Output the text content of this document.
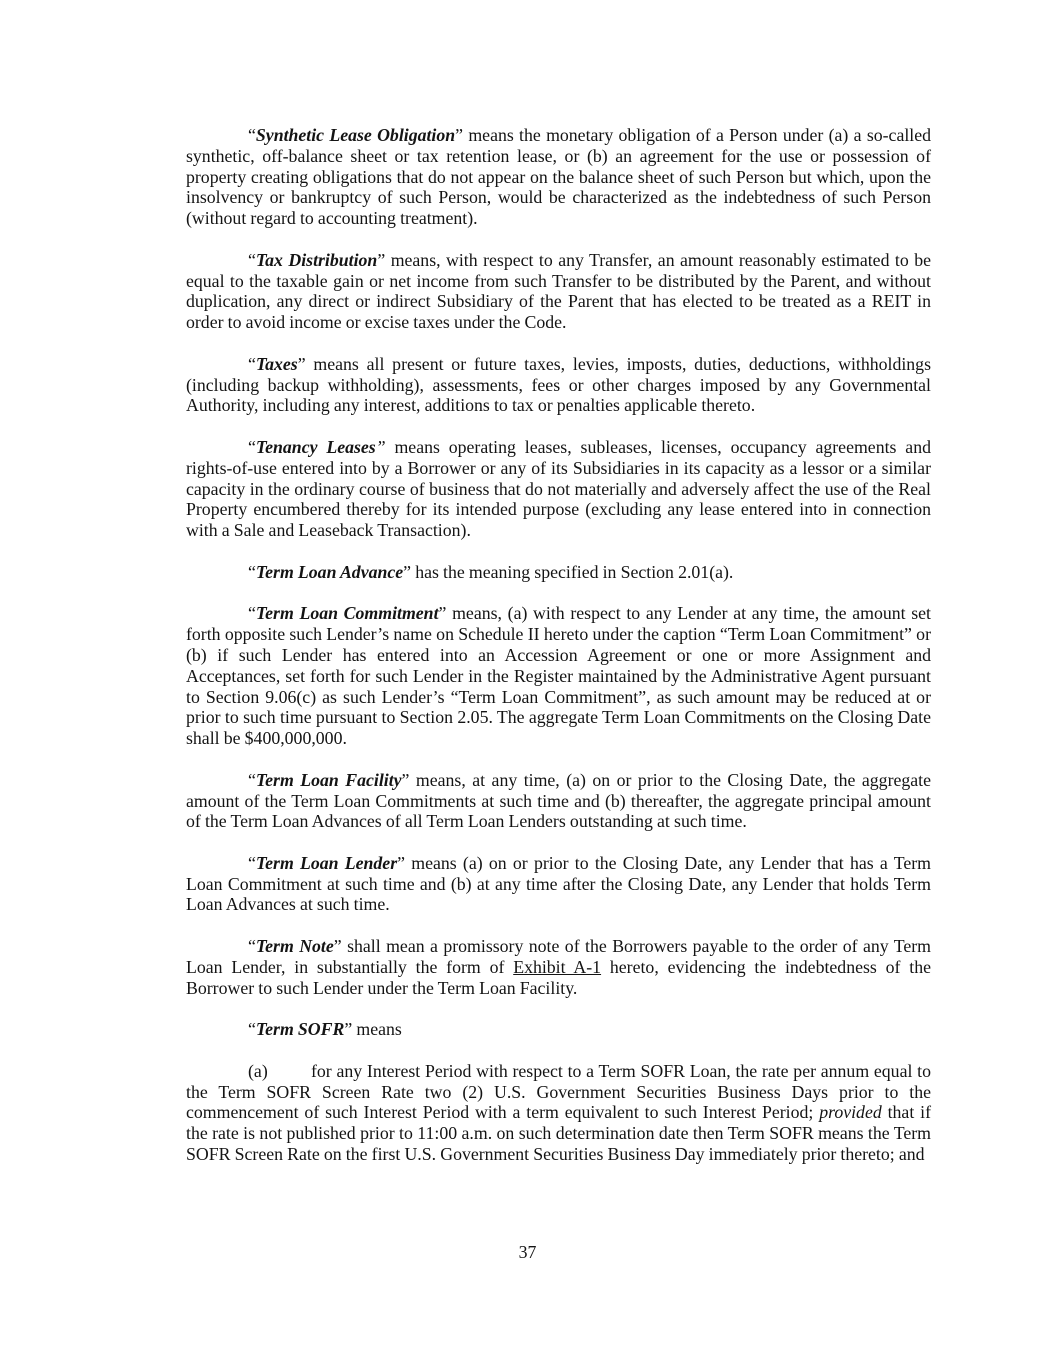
“Synthetic Lease Obligation” means the monetary obligation of a Person under (a) a so-called synthetic, off-balance sheet or tax retention lease, or (b) an agreement for the use or possession of property creating obligations that do not appear on the balance sheet of such Person but which, upon the insolvency or bankruptcy of such Person, would be characterized as the indebtedness of such Person (without regard to accounting treatment).

“Tax Distribution” means, with respect to any Transfer, an amount reasonably estimated to be equal to the taxable gain or net income from such Transfer to be distributed by the Parent, and without duplication, any direct or indirect Subsidiary of the Parent that has elected to be treated as a REIT in order to avoid income or excise taxes under the Code.

“Taxes” means all present or future taxes, levies, imposts, duties, deductions, withholdings (including backup withholding), assessments, fees or other charges imposed by any Governmental Authority, including any interest, additions to tax or penalties applicable thereto.

“Tenancy Leases” means operating leases, subleases, licenses, occupancy agreements and rights-of-use entered into by a Borrower or any of its Subsidiaries in its capacity as a lessor or a similar capacity in the ordinary course of business that do not materially and adversely affect the use of the Real Property encumbered thereby for its intended purpose (excluding any lease entered into in connection with a Sale and Leaseback Transaction).

“Term Loan Advance” has the meaning specified in Section 2.01(a).

“Term Loan Commitment” means, (a) with respect to any Lender at any time, the amount set forth opposite such Lender’s name on Schedule II hereto under the caption “Term Loan Commitment” or (b) if such Lender has entered into an Accession Agreement or one or more Assignment and Acceptances, set forth for such Lender in the Register maintained by the Administrative Agent pursuant to Section 9.06(c) as such Lender’s “Term Loan Commitment”, as such amount may be reduced at or prior to such time pursuant to Section 2.05. The aggregate Term Loan Commitments on the Closing Date shall be $400,000,000.

“Term Loan Facility” means, at any time, (a) on or prior to the Closing Date, the aggregate amount of the Term Loan Commitments at such time and (b) thereafter, the aggregate principal amount of the Term Loan Advances of all Term Loan Lenders outstanding at such time.

“Term Loan Lender” means (a) on or prior to the Closing Date, any Lender that has a Term Loan Commitment at such time and (b) at any time after the Closing Date, any Lender that holds Term Loan Advances at such time.

“Term Note” shall mean a promissory note of the Borrowers payable to the order of any Term Loan Lender, in substantially the form of Exhibit A-1 hereto, evidencing the indebtedness of the Borrower to such Lender under the Term Loan Facility.

“Term SOFR” means

(a) for any Interest Period with respect to a Term SOFR Loan, the rate per annum equal to the Term SOFR Screen Rate two (2) U.S. Government Securities Business Days prior to the commencement of such Interest Period with a term equivalent to such Interest Period; provided that if the rate is not published prior to 11:00 a.m. on such determination date then Term SOFR means the Term SOFR Screen Rate on the first U.S. Government Securities Business Day immediately prior thereto; and

37
